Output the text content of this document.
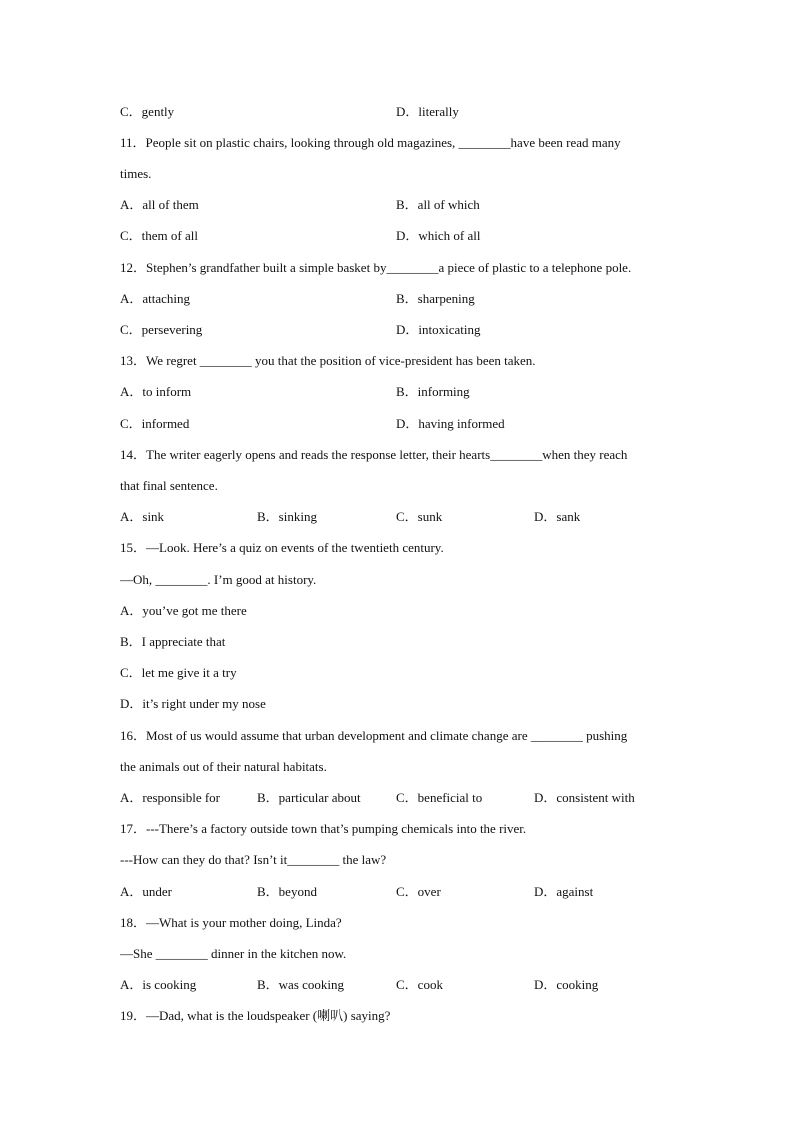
C．gently	D．literally
11．People sit on plastic chairs, looking through old magazines, ________have been read many
times.
A．all of them	B．all of which
C．them of all	D．which of all
12．Stephen’s grandfather built a simple basket by________a piece of plastic to a telephone pole.
A．attaching	B．sharpening
C．persevering	D．intoxicating
13．We regret ________ you that the position of vice-president has been taken.
A．to inform	B．informing
C．informed	D．having informed
14．The writer eagerly opens and reads the response letter, their hearts________when they reach
that final sentence.
A．sink	B．sinking	C．sunk	D．sank
15．—Look. Here’s a quiz on events of the twentieth century.
—Oh, ________. I’m good at history.
A．you’ve got me there
B．I appreciate that
C．let me give it a try
D．it’s right under my nose
16．Most of us would assume that urban development and climate change are ________ pushing
the animals out of their natural habitats.
A．responsible for	B．particular about	C．beneficial to	D．consistent with
17．---There’s a factory outside town that’s pumping chemicals into the river.
---How can they do that? Isn’t it________ the law?
A．under	B．beyond	C．over	D．against
18．—What is your mother doing, Linda?
—She ________ dinner in the kitchen now.
A．is cooking	B．was cooking	C．cook	D．cooking
19．—Dad, what is the loudspeaker (喇叭) saying?
